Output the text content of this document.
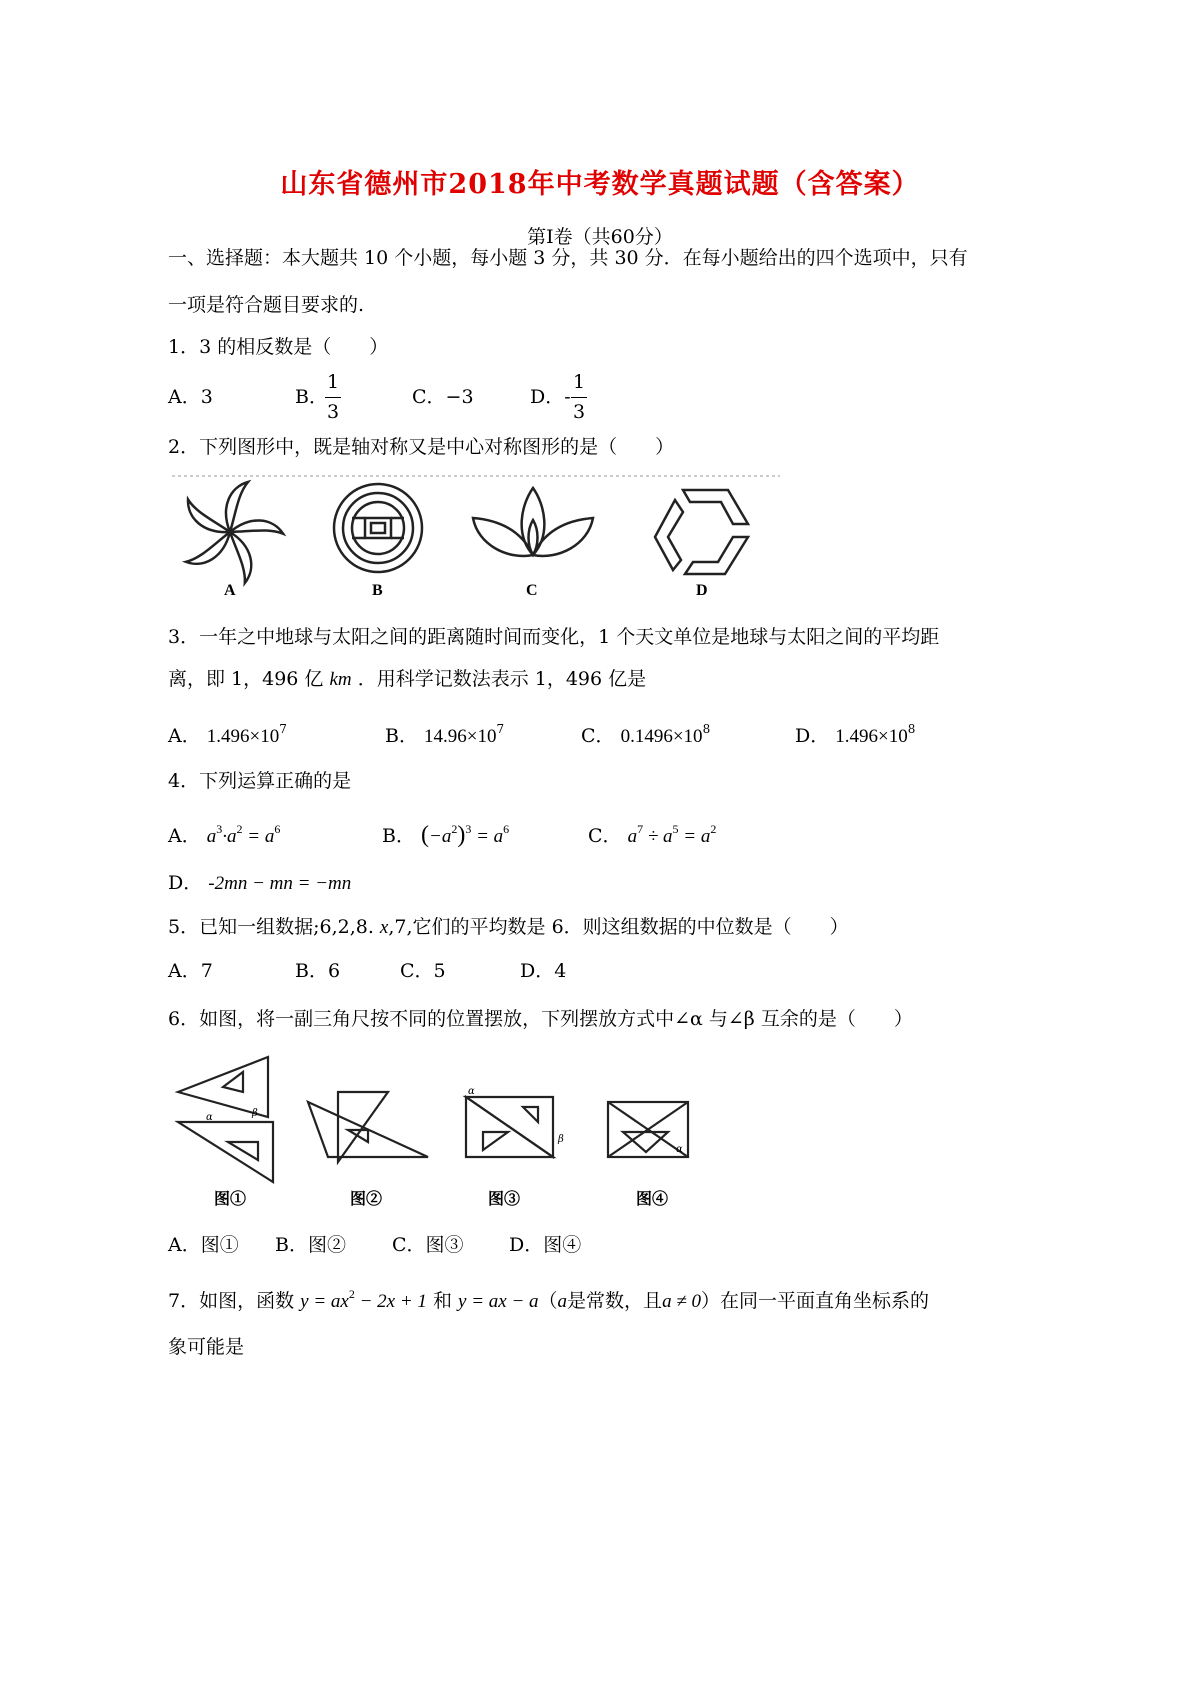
山东省德州市2018年中考数学真题试题（含答案）
第Ⅰ卷（共60分）
一、选择题：本大题共 10 个小题，每小题 3 分，共 30 分．在每小题给出的四个选项中，只有
一项是符合题目要求的.
1．3 的相反数是（　　）
A．3	B．
1
3
C．−3	D．-
1
3
2．下列图形中，既是轴对称又是中心对称图形的是（　　）
A	B	C	D
3．一年之中地球与太阳之间的距离随时间而变化，1 个天文单位是地球与太阳之间的平均距
离，即 1，496 亿 km ．用科学记数法表示 1，496 亿是
A． $1.496\times 10^7$	B． $14.96\times 10^7$	C． $0.1496\times 10^8$	D． $1.496\times 10^8$
4．下列运算正确的是
A． $a^3\cdot a^2 = a^6$	B． $(-a^2)^3 = a^6$	C． $a^7 \div a^5 = a^2$
D． -2mn − mn = −mn
5．已知一组数据;6,2,8. x,7,它们的平均数是 6．则这组数据的中位数是（　　）
A．7	B．6	C．5	D．4
6．如图，将一副三角尺按不同的位置摆放，下列摆放方式中∠α 与∠β 互余的是（　　）
α	β
图①	图②
α
β
图③
α
图④
A．图① B．图② C．图③ D．图④
7．如图，函数 $y = ax^2 - 2x + 1$ 和 y = ax − a（a是常数，且a ≠ 0）在同一平面直角坐标系的
象可能是
